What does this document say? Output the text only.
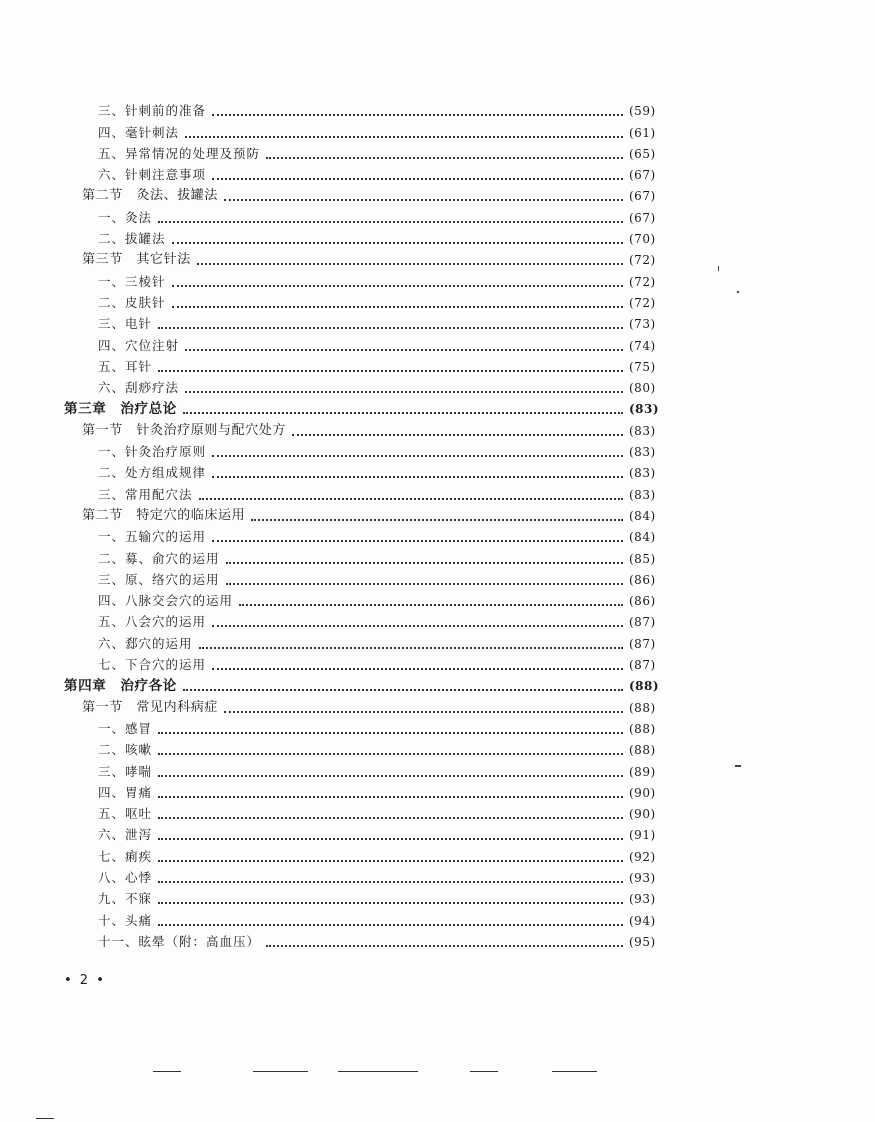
三、针刺前的准备	(59)
四、毫针刺法	(61)
五、异常情况的处理及预防	(65)
六、针刺注意事项	(67)
第二节　灸法、拔罐法	(67)
一、灸法	(67)
二、拔罐法	(70)
第三节　其它针法	(72)
一、三棱针	(72)
二、皮肤针	(72)
三、电针	(73)
四、穴位注射	(74)
五、耳针	(75)
六、刮痧疗法	(80)
第三章　治疗总论	(83)
第一节　针灸治疗原则与配穴处方	(83)
一、针灸治疗原则	(83)
二、处方组成规律	(83)
三、常用配穴法	(83)
第二节　特定穴的临床运用	(84)
一、五输穴的运用	(84)
二、募、俞穴的运用	(85)
三、原、络穴的运用	(86)
四、八脉交会穴的运用	(86)
五、八会穴的运用	(87)
六、郄穴的运用	(87)
七、下合穴的运用	(87)
第四章　治疗各论	(88)
第一节　常见内科病症	(88)
一、感冒	(88)
二、咳嗽	(88)
三、哮喘	(89)
四、胃痛	(90)
五、呕吐	(90)
六、泄泻	(91)
七、痢疾	(92)
八、心悸	(93)
九、不寐	(93)
十、头痛	(94)
十一、眩晕（附：高血压）	(95)
• 2 •
